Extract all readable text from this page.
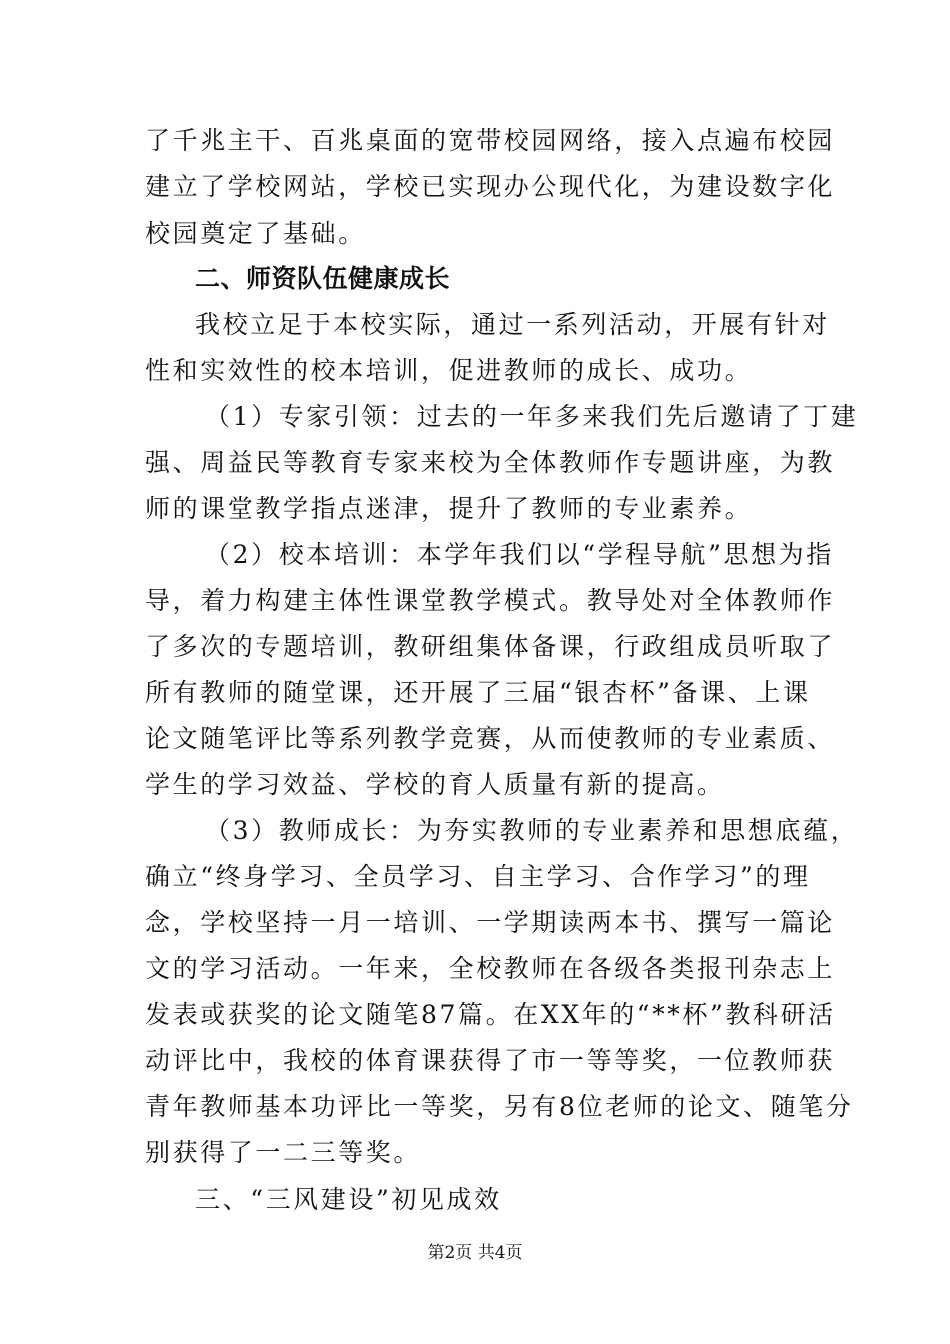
了千兆主干、百兆桌面的宽带校园网络，接入点遍布校园
建立了学校网站，学校已实现办公现代化，为建设数字化
校园奠定了基础。
二、师资队伍健康成长
我校立足于本校实际，通过一系列活动，开展有针对
性和实效性的校本培训，促进教师的成长、成功。
（1）专家引领：过去的一年多来我们先后邀请了丁建
强、周益民等教育专家来校为全体教师作专题讲座，为教
师的课堂教学指点迷津，提升了教师的专业素养。
（2）校本培训：本学年我们以“学程导航”思想为指
导，着力构建主体性课堂教学模式。教导处对全体教师作
了多次的专题培训，教研组集体备课，行政组成员听取了
所有教师的随堂课，还开展了三届“银杏杯”备课、上课
论文随笔评比等系列教学竞赛，从而使教师的专业素质、
学生的学习效益、学校的育人质量有新的提高。
（3）教师成长：为夯实教师的专业素养和思想底蕴，
确立“终身学习、全员学习、自主学习、合作学习”的理
念，学校坚持一月一培训、一学期读两本书、撰写一篇论
文的学习活动。一年来，全校教师在各级各类报刊杂志上
发表或获奖的论文随笔87篇。在XX年的“**杯”教科研活
动评比中，我校的体育课获得了市一等等奖，一位教师获
青年教师基本功评比一等奖，另有8位老师的论文、随笔分
别获得了一二三等奖。
三、“三风建设”初见成效
第2页 共4页
